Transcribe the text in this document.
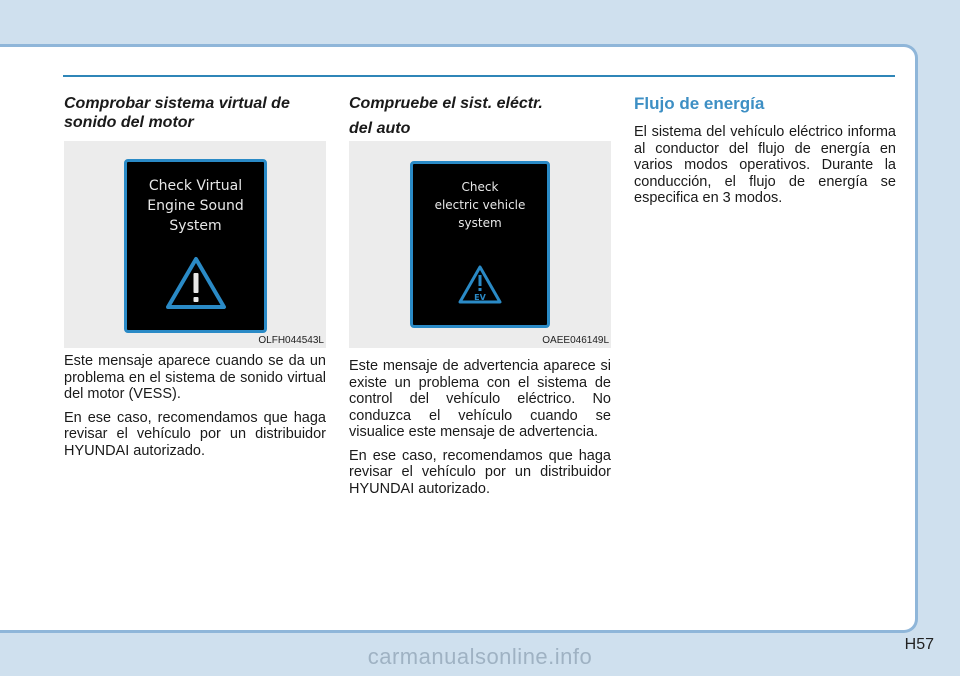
Comprobar sistema virtual de sonido del motor
Check Virtual
Engine Sound
System
OLFH044543L

Este mensaje aparece cuando se da un problema en el sistema de sonido virtual del motor (VESS).

En ese caso, recomendamos que haga revisar el vehículo por un distribuidor HYUNDAI autorizado.

Compruebe el sist. eléctr.
del auto
Check
electric vehicle
system
EV
OAEE046149L

Este mensaje de advertencia aparece si existe un problema con el sistema de control del vehículo eléctrico. No conduzca el vehículo cuando se visualice este mensaje de advertencia.

En ese caso, recomendamos que haga revisar el vehículo por un distribuidor HYUNDAI autorizado.

Flujo de energía

El sistema del vehículo eléctrico informa al conductor del flujo de energía en varios modos operativos. Durante la conducción, el flujo de energía se especifica en 3 modos.

H57
carmanualsonline.info
